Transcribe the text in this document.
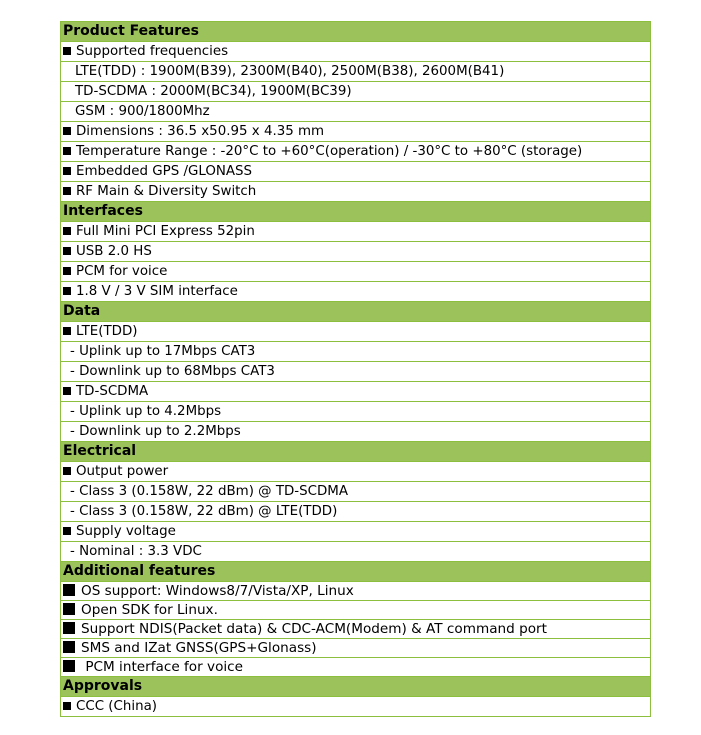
Product Features
Supported frequencies
LTE(TDD) : 1900M(B39), 2300M(B40), 2500M(B38), 2600M(B41)
TD-SCDMA : 2000M(BC34), 1900M(BC39)
GSM : 900/1800Mhz
Dimensions : 36.5 x50.95 x 4.35 mm
Temperature Range : -20°C to +60°C(operation) / -30°C to +80°C (storage)
Embedded GPS /GLONASS
RF Main & Diversity Switch
Interfaces
Full Mini PCI Express 52pin
USB 2.0 HS
PCM for voice
1.8 V / 3 V SIM interface
Data
LTE(TDD)
- Uplink up to 17Mbps CAT3
- Downlink up to 68Mbps CAT3
TD-SCDMA
- Uplink up to 4.2Mbps
- Downlink up to 2.2Mbps
Electrical
Output power
- Class 3 (0.158W, 22 dBm) @ TD-SCDMA
- Class 3 (0.158W, 22 dBm) @ LTE(TDD)
Supply voltage
- Nominal : 3.3 VDC
Additional features
OS support: Windows8/7/Vista/XP, Linux
Open SDK for Linux.
Support NDIS(Packet data) & CDC-ACM(Modem) & AT command port
SMS and IZat GNSS(GPS+Glonass)
PCM interface for voice
Approvals
CCC (China)
